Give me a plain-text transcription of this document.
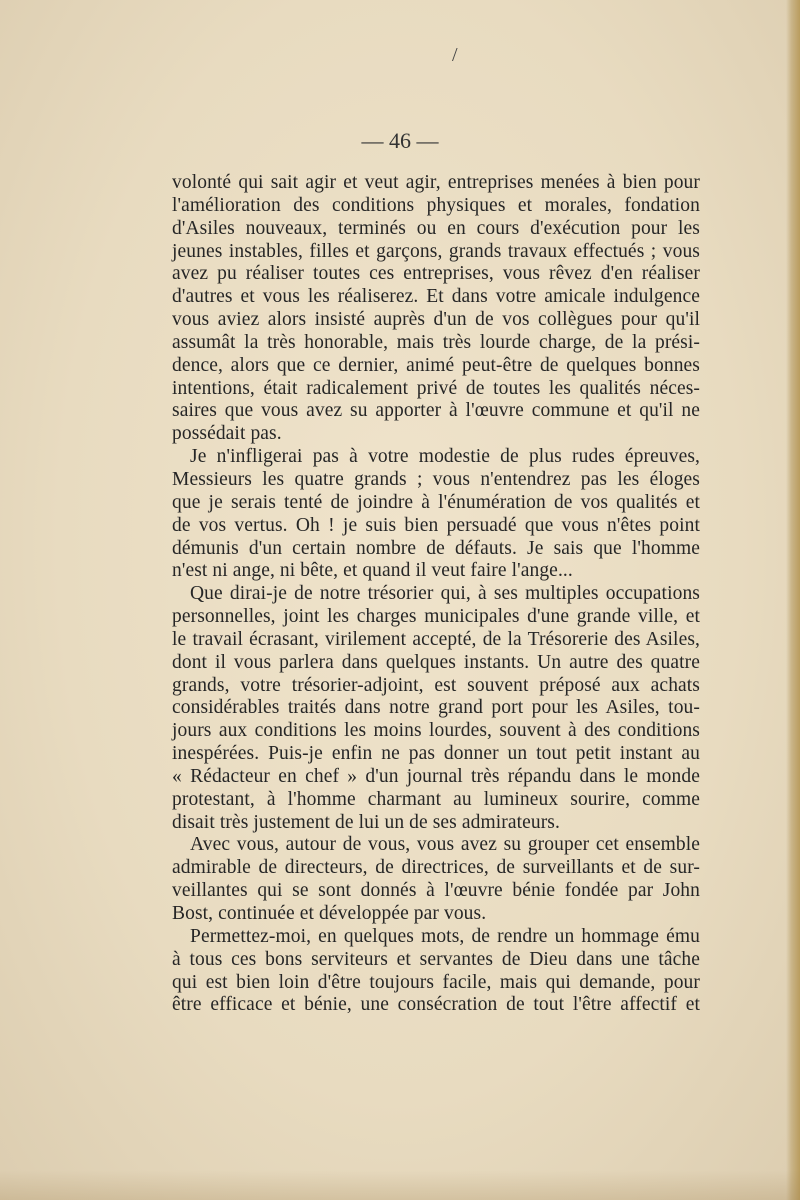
/
— 46 —
volonté qui sait agir et veut agir, entreprises menées à bien pour
l'amélioration des conditions physiques et morales, fondation
d'Asiles nouveaux, terminés ou en cours d'exécution pour les
jeunes instables, filles et garçons, grands travaux effectués ; vous
avez pu réaliser toutes ces entreprises, vous rêvez d'en réaliser
d'autres et vous les réaliserez. Et dans votre amicale indulgence
vous aviez alors insisté auprès d'un de vos collègues pour qu'il
assumât la très honorable, mais très lourde charge, de la prési-
dence, alors que ce dernier, animé peut-être de quelques bonnes
intentions, était radicalement privé de toutes les qualités néces-
saires que vous avez su apporter à l'œuvre commune et qu'il ne
possédait pas.
Je n'infligerai pas à votre modestie de plus rudes épreuves,
Messieurs les quatre grands ; vous n'entendrez pas les éloges
que je serais tenté de joindre à l'énumération de vos qualités et
de vos vertus. Oh ! je suis bien persuadé que vous n'êtes point
démunis d'un certain nombre de défauts. Je sais que l'homme
n'est ni ange, ni bête, et quand il veut faire l'ange...
Que dirai-je de notre trésorier qui, à ses multiples occupations
personnelles, joint les charges municipales d'une grande ville, et
le travail écrasant, virilement accepté, de la Trésorerie des Asiles,
dont il vous parlera dans quelques instants. Un autre des quatre
grands, votre trésorier-adjoint, est souvent préposé aux achats
considérables traités dans notre grand port pour les Asiles, tou-
jours aux conditions les moins lourdes, souvent à des conditions
inespérées. Puis-je enfin ne pas donner un tout petit instant au
« Rédacteur en chef » d'un journal très répandu dans le monde
protestant, à l'homme charmant au lumineux sourire, comme
disait très justement de lui un de ses admirateurs.
Avec vous, autour de vous, vous avez su grouper cet ensemble
admirable de directeurs, de directrices, de surveillants et de sur-
veillantes qui se sont donnés à l'œuvre bénie fondée par John
Bost, continuée et développée par vous.
Permettez-moi, en quelques mots, de rendre un hommage ému
à tous ces bons serviteurs et servantes de Dieu dans une tâche
qui est bien loin d'être toujours facile, mais qui demande, pour
être efficace et bénie, une consécration de tout l'être affectif et
